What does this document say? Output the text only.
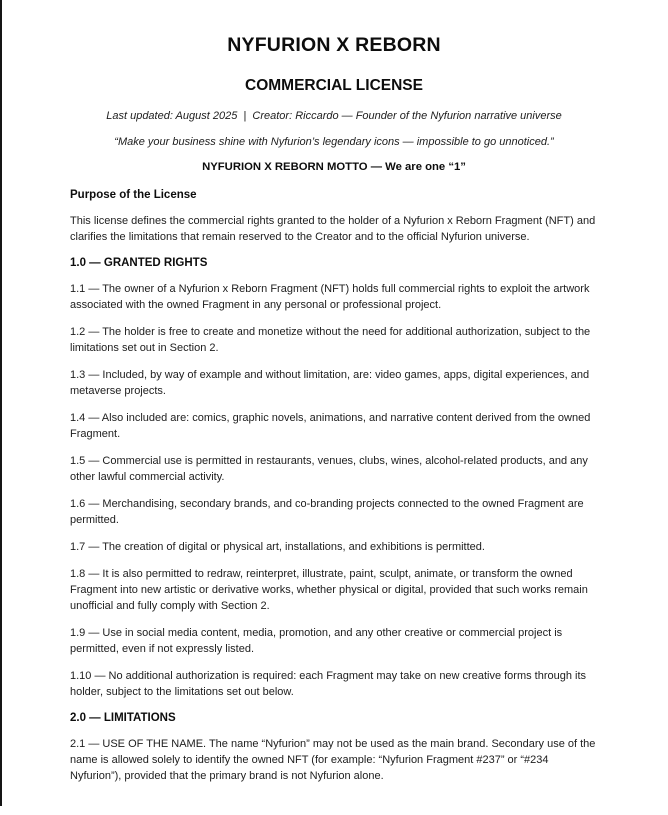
NYFURION X REBORN
COMMERCIAL LICENSE

Last updated: August 2025  |  Creator: Riccardo — Founder of the Nyfurion narrative universe

“Make your business shine with Nyfurion’s legendary icons — impossible to go unnoticed.”

NYFURION X REBORN MOTTO — We are one “1”

Purpose of the License

This license defines the commercial rights granted to the holder of a Nyfurion x Reborn Fragment (NFT) and clarifies the limitations that remain reserved to the Creator and to the official Nyfurion universe.

1.0 — GRANTED RIGHTS

1.1 — The owner of a Nyfurion x Reborn Fragment (NFT) holds full commercial rights to exploit the artwork associated with the owned Fragment in any personal or professional project.

1.2 — The holder is free to create and monetize without the need for additional authorization, subject to the limitations set out in Section 2.

1.3 — Included, by way of example and without limitation, are: video games, apps, digital experiences, and metaverse projects.

1.4 — Also included are: comics, graphic novels, animations, and narrative content derived from the owned Fragment.

1.5 — Commercial use is permitted in restaurants, venues, clubs, wines, alcohol-related products, and any other lawful commercial activity.

1.6 — Merchandising, secondary brands, and co-branding projects connected to the owned Fragment are permitted.

1.7 — The creation of digital or physical art, installations, and exhibitions is permitted.

1.8 — It is also permitted to redraw, reinterpret, illustrate, paint, sculpt, animate, or transform the owned Fragment into new artistic or derivative works, whether physical or digital, provided that such works remain unofficial and fully comply with Section 2.

1.9 — Use in social media content, media, promotion, and any other creative or commercial project is permitted, even if not expressly listed.

1.10 — No additional authorization is required: each Fragment may take on new creative forms through its holder, subject to the limitations set out below.

2.0 — LIMITATIONS

2.1 — USE OF THE NAME. The name “Nyfurion” may not be used as the main brand. Secondary use of the name is allowed solely to identify the owned NFT (for example: “Nyfurion Fragment #237” or “#234 Nyfurion”), provided that the primary brand is not Nyfurion alone.
